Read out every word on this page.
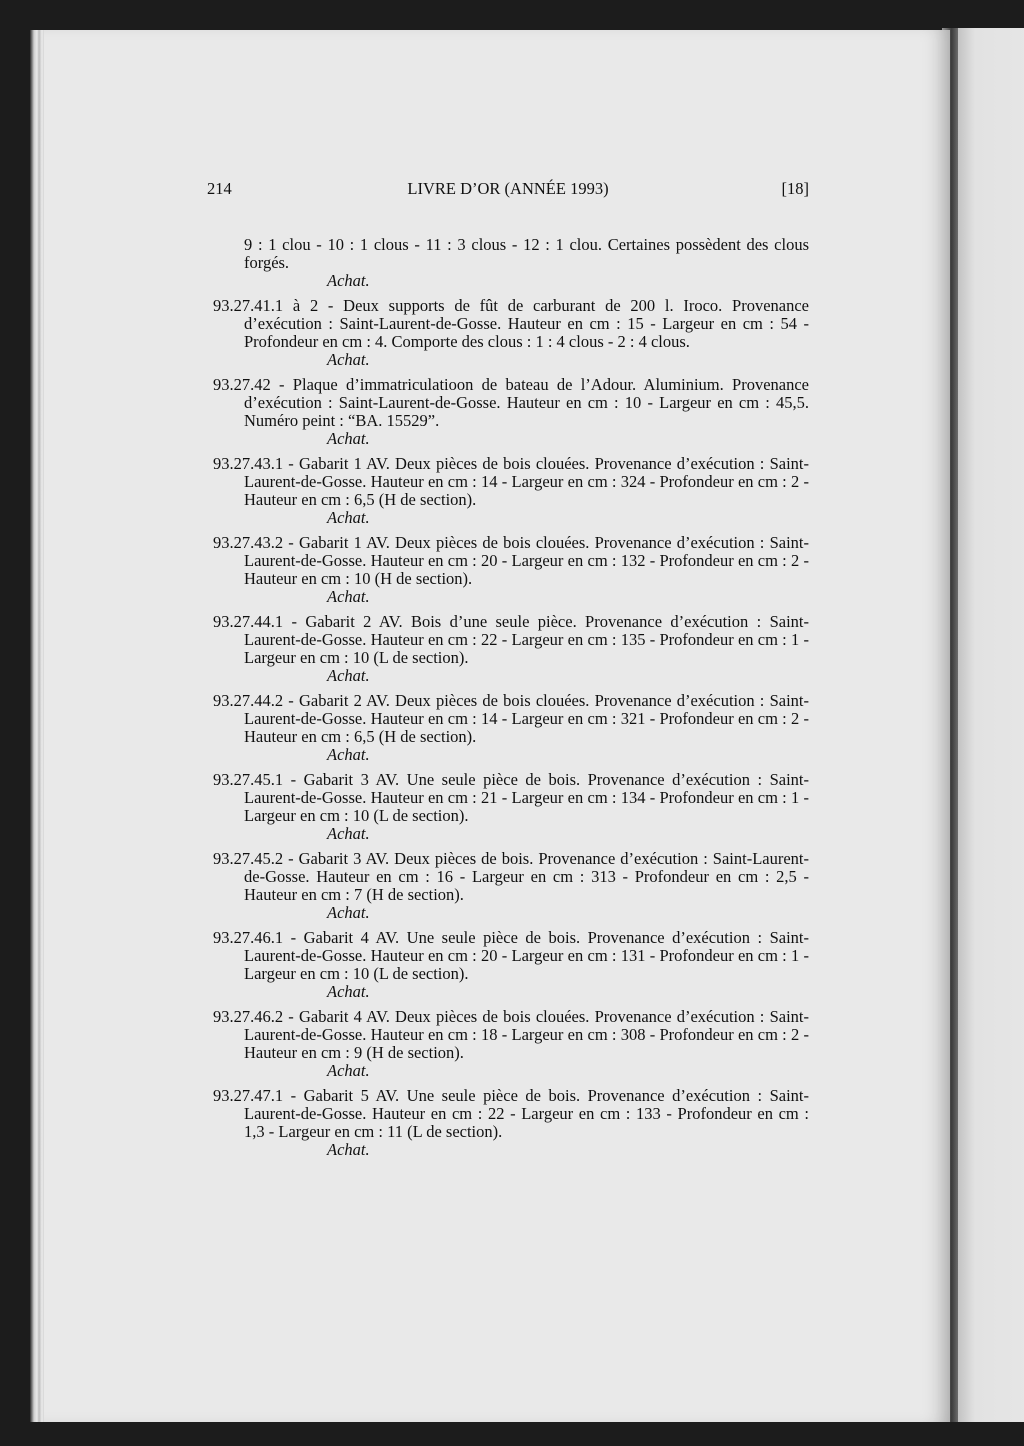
214	LIVRE D’OR (ANNÉE 1993)	[18]
9 : 1 clou - 10 : 1 clous - 11 : 3 clous - 12 : 1 clou. Certaines possèdent des clous forgés.
Achat.
93.27.41.1 à 2 - Deux supports de fût de carburant de 200 l. Iroco. Provenance d’exécution : Saint-Laurent-de-Gosse. Hauteur en cm : 15 - Largeur en cm : 54 - Profondeur en cm : 4. Comporte des clous : 1 : 4 clous - 2 : 4 clous.
Achat.
93.27.42 - Plaque d’immatriculatioon de bateau de l’Adour. Aluminium. Provenance d’exécution : Saint-Laurent-de-Gosse. Hauteur en cm : 10 - Largeur en cm : 45,5. Numéro peint : “BA. 15529”.
Achat.
93.27.43.1 - Gabarit 1 AV. Deux pièces de bois clouées. Provenance d’exécution : Saint-Laurent-de-Gosse. Hauteur en cm : 14 - Largeur en cm : 324 - Profondeur en cm : 2 - Hauteur en cm : 6,5 (H de section).
Achat.
93.27.43.2 - Gabarit 1 AV. Deux pièces de bois clouées. Provenance d’exécution : Saint-Laurent-de-Gosse. Hauteur en cm : 20 - Largeur en cm : 132 - Profondeur en cm : 2 - Hauteur en cm : 10 (H de section).
Achat.
93.27.44.1 - Gabarit 2 AV. Bois d’une seule pièce. Provenance d’exécution : Saint-Laurent-de-Gosse. Hauteur en cm : 22 - Largeur en cm : 135 - Profondeur en cm : 1 - Largeur en cm : 10 (L de section).
Achat.
93.27.44.2 - Gabarit 2 AV. Deux pièces de bois clouées. Provenance d’exécution : Saint-Laurent-de-Gosse. Hauteur en cm : 14 - Largeur en cm : 321 - Profondeur en cm : 2 - Hauteur en cm : 6,5 (H de section).
Achat.
93.27.45.1 - Gabarit 3 AV. Une seule pièce de bois. Provenance d’exécution : Saint-Laurent-de-Gosse. Hauteur en cm : 21 - Largeur en cm : 134 - Profondeur en cm : 1 - Largeur en cm : 10 (L de section).
Achat.
93.27.45.2 - Gabarit 3 AV. Deux pièces de bois. Provenance d’exécution : Saint-Laurent-de-Gosse. Hauteur en cm : 16 - Largeur en cm : 313 - Profondeur en cm : 2,5 - Hauteur en cm : 7 (H de section).
Achat.
93.27.46.1 - Gabarit 4 AV. Une seule pièce de bois. Provenance d’exécution : Saint-Laurent-de-Gosse. Hauteur en cm : 20 - Largeur en cm : 131 - Profondeur en cm : 1 - Largeur en cm : 10 (L de section).
Achat.
93.27.46.2 - Gabarit 4 AV. Deux pièces de bois clouées. Provenance d’exécution : Saint-Laurent-de-Gosse. Hauteur en cm : 18 - Largeur en cm : 308 - Profondeur en cm : 2 - Hauteur en cm : 9 (H de section).
Achat.
93.27.47.1 - Gabarit 5 AV. Une seule pièce de bois. Provenance d’exécution : Saint-Laurent-de-Gosse. Hauteur en cm : 22 - Largeur en cm : 133 - Profondeur en cm : 1,3 - Largeur en cm : 11 (L de section).
Achat.
